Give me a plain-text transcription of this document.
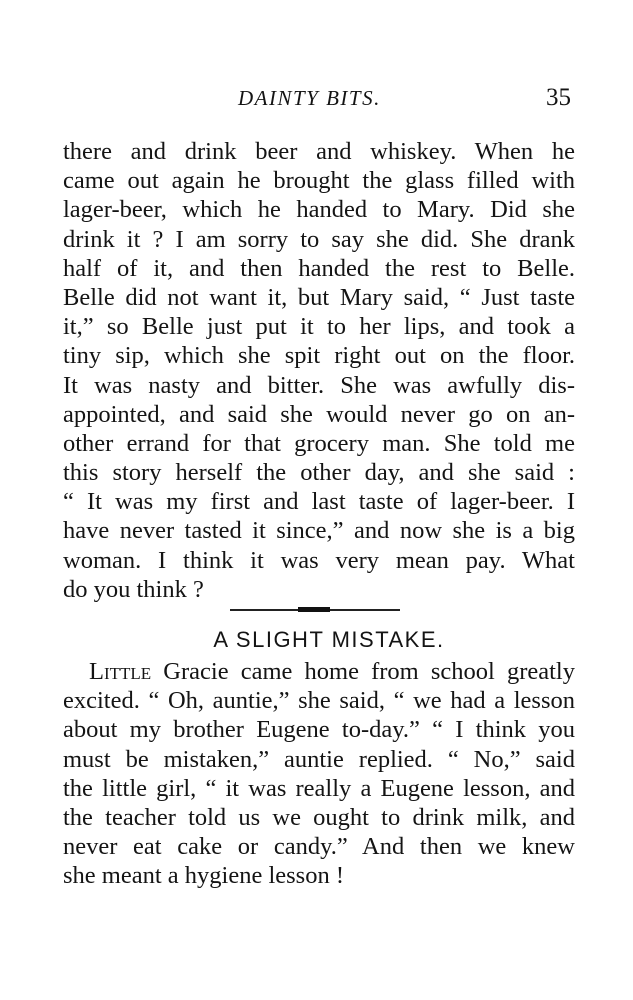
DAINTY BITS.	35
there and drink beer and whiskey. When he
came out again he brought the glass filled with
lager-beer, which he handed to Mary. Did she
drink it ? I am sorry to say she did. She drank
half of it, and then handed the rest to Belle.
Belle did not want it, but Mary said, “ Just taste
it,” so Belle just put it to her lips, and took a
tiny sip, which she spit right out on the floor.
It was nasty and bitter. She was awfully dis-
appointed, and said she would never go on an-
other errand for that grocery man. She told me
this story herself the other day, and she said :
“ It was my first and last taste of lager-beer. I
have never tasted it since,” and now she is a big
woman. I think it was very mean pay. What
do you think ?
A SLIGHT MISTAKE.
Little Gracie came home from school greatly
excited. “ Oh, auntie,” she said, “ we had a lesson
about my brother Eugene to-day.” “ I think you
must be mistaken,” auntie replied. “ No,” said
the little girl, “ it was really a Eugene lesson, and
the teacher told us we ought to drink milk, and
never eat cake or candy.” And then we knew
she meant a hygiene lesson !
